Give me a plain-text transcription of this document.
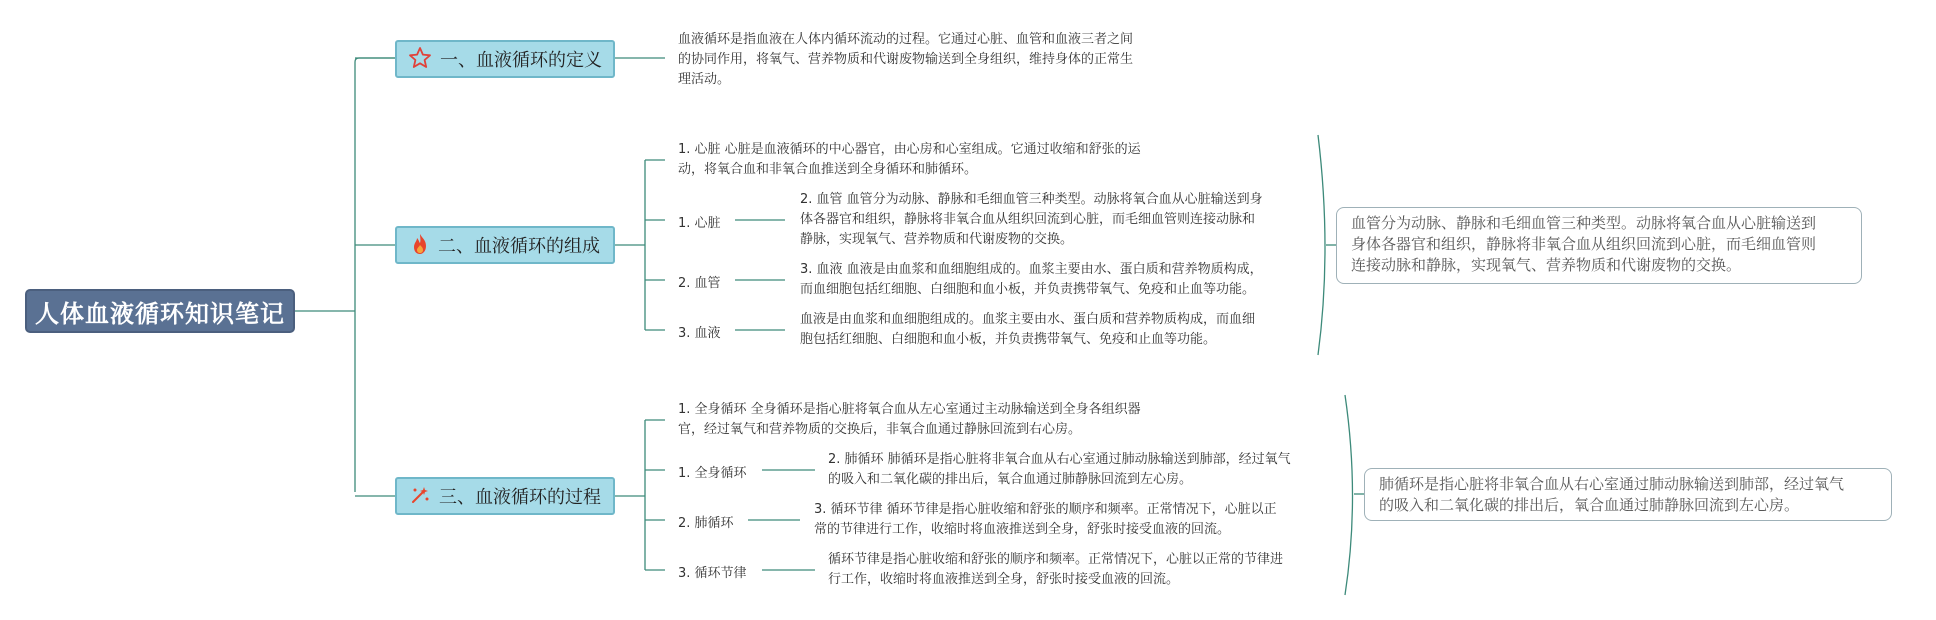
人体血液循环知识笔记
一、血液循环的定义
血液循环是指血液在人体内循环流动的过程。它通过心脏、血管和血液三者之间
的协同作用，将氧气、营养物质和代谢废物输送到全身组织，维持身体的正常生
理活动。
二、血液循环的组成
1. 心脏 心脏是血液循环的中心器官，由心房和心室组成。它通过收缩和舒张的运
动，将氧合血和非氧合血推送到全身循环和肺循环。
1. 心脏
2. 血管
3. 血液
2. 血管 血管分为动脉、静脉和毛细血管三种类型。动脉将氧合血从心脏输送到身
体各器官和组织，静脉将非氧合血从组织回流到心脏，而毛细血管则连接动脉和
静脉，实现氧气、营养物质和代谢废物的交换。
3. 血液 血液是由血浆和血细胞组成的。血浆主要由水、蛋白质和营养物质构成，
而血细胞包括红细胞、白细胞和血小板，并负责携带氧气、免疫和止血等功能。
血液是由血浆和血细胞组成的。血浆主要由水、蛋白质和营养物质构成，而血细
胞包括红细胞、白细胞和血小板，并负责携带氧气、免疫和止血等功能。
血管分为动脉、静脉和毛细血管三种类型。动脉将氧合血从心脏输送到
身体各器官和组织，静脉将非氧合血从组织回流到心脏，而毛细血管则
连接动脉和静脉，实现氧气、营养物质和代谢废物的交换。
三、血液循环的过程
1. 全身循环 全身循环是指心脏将氧合血从左心室通过主动脉输送到全身各组织器
官，经过氧气和营养物质的交换后，非氧合血通过静脉回流到右心房。
1. 全身循环
2. 肺循环
3. 循环节律
2. 肺循环 肺循环是指心脏将非氧合血从右心室通过肺动脉输送到肺部，经过氧气
的吸入和二氧化碳的排出后，氧合血通过肺静脉回流到左心房。
3. 循环节律 循环节律是指心脏收缩和舒张的顺序和频率。正常情况下，心脏以正
常的节律进行工作，收缩时将血液推送到全身，舒张时接受血液的回流。
循环节律是指心脏收缩和舒张的顺序和频率。正常情况下，心脏以正常的节律进
行工作，收缩时将血液推送到全身，舒张时接受血液的回流。
肺循环是指心脏将非氧合血从右心室通过肺动脉输送到肺部，经过氧气
的吸入和二氧化碳的排出后，氧合血通过肺静脉回流到左心房。
